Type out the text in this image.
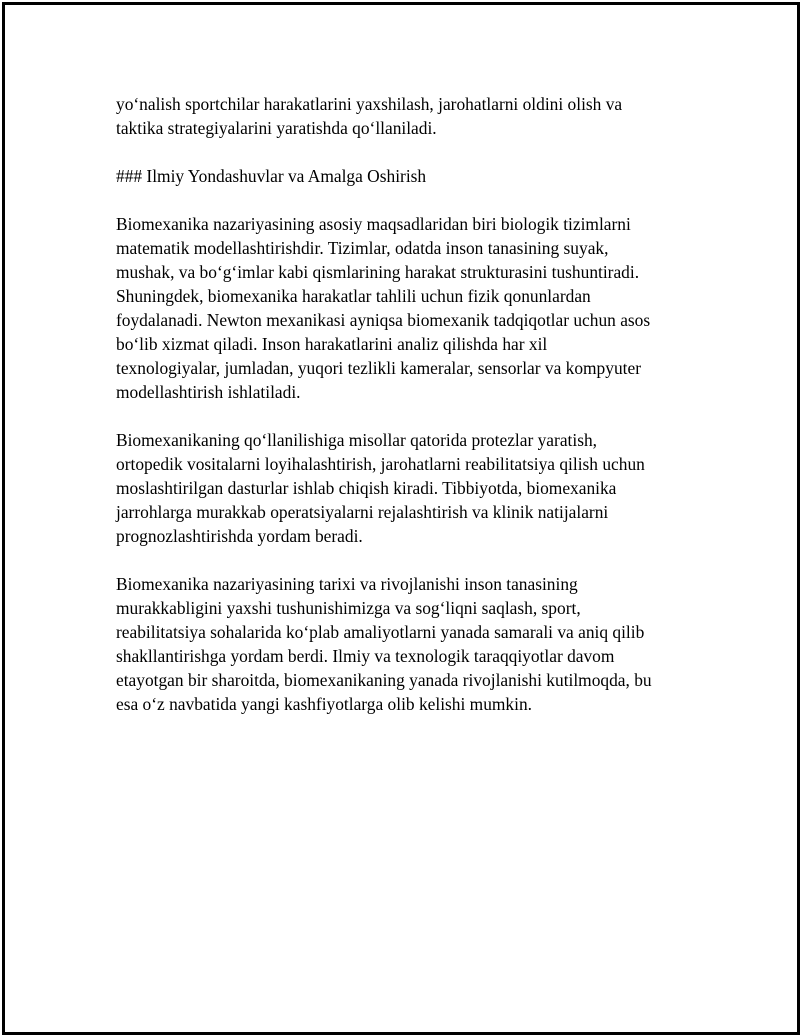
yo‘nalish sportchilar harakatlarini yaxshilash, jarohatlarni oldini olish va
taktika strategiyalarini yaratishda qo‘llaniladi.

### Ilmiy Yondashuvlar va Amalga Oshirish

Biomexanika nazariyasining asosiy maqsadlaridan biri biologik tizimlarni
matematik modellashtirishdir. Tizimlar, odatda inson tanasining suyak,
mushak, va bo‘g‘imlar kabi qismlarining harakat strukturasini tushuntiradi.
Shuningdek, biomexanika harakatlar tahlili uchun fizik qonunlardan
foydalanadi. Newton mexanikasi ayniqsa biomexanik tadqiqotlar uchun asos
bo‘lib xizmat qiladi. Inson harakatlarini analiz qilishda har xil
texnologiyalar, jumladan, yuqori tezlikli kameralar, sensorlar va kompyuter
modellashtirish ishlatiladi.

Biomexanikaning qo‘llanilishiga misollar qatorida protezlar yaratish,
ortopedik vositalarni loyihalashtirish, jarohatlarni reabilitatsiya qilish uchun
moslashtirilgan dasturlar ishlab chiqish kiradi. Tibbiyotda, biomexanika
jarrohlarga murakkab operatsiyalarni rejalashtirish va klinik natijalarni
prognozlashtirishda yordam beradi.

Biomexanika nazariyasining tarixi va rivojlanishi inson tanasining
murakkabligini yaxshi tushunishimizga va sog‘liqni saqlash, sport,
reabilitatsiya sohalarida ko‘plab amaliyotlarni yanada samarali va aniq qilib
shakllantirishga yordam berdi. Ilmiy va texnologik taraqqiyotlar davom
etayotgan bir sharoitda, biomexanikaning yanada rivojlanishi kutilmoqda, bu
esa o‘z navbatida yangi kashfiyotlarga olib kelishi mumkin.
